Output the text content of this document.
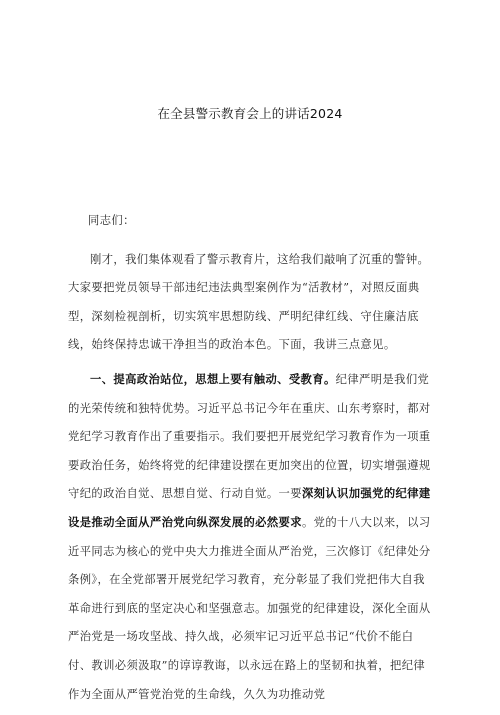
在全县警示教育会上的讲话2024

同志们：

刚才，我们集体观看了警示教育片，这给我们敲响了沉重的警钟。大家要把党员领导干部违纪违法典型案例作为“活教材”，对照反面典型，深刻检视剖析，切实筑牢思想防线、严明纪律红线、守住廉洁底线，始终保持忠诚干净担当的政治本色。下面，我讲三点意见。

一、提高政治站位，思想上要有触动、受教育。纪律严明是我们党的光荣传统和独特优势。习近平总书记今年在重庆、山东考察时，都对党纪学习教育作出了重要指示。我们要把开展党纪学习教育作为一项重要政治任务，始终将党的纪律建设摆在更加突出的位置，切实增强遵规守纪的政治自觉、思想自觉、行动自觉。一要深刻认识加强党的纪律建设是推动全面从严治党向纵深发展的必然要求。党的十八大以来，以习近平同志为核心的党中央大力推进全面从严治党，三次修订《纪律处分条例》，在全党部署开展党纪学习教育，充分彰显了我们党把伟大自我革命进行到底的坚定决心和坚强意志。加强党的纪律建设，深化全面从严治党是一场攻坚战、持久战，必须牢记习近平总书记“代价不能白付、教训必须汲取”的谆谆教诲，以永远在路上的坚韧和执着，把纪律作为全面从严管党治党的生命线，久久为功推动党
